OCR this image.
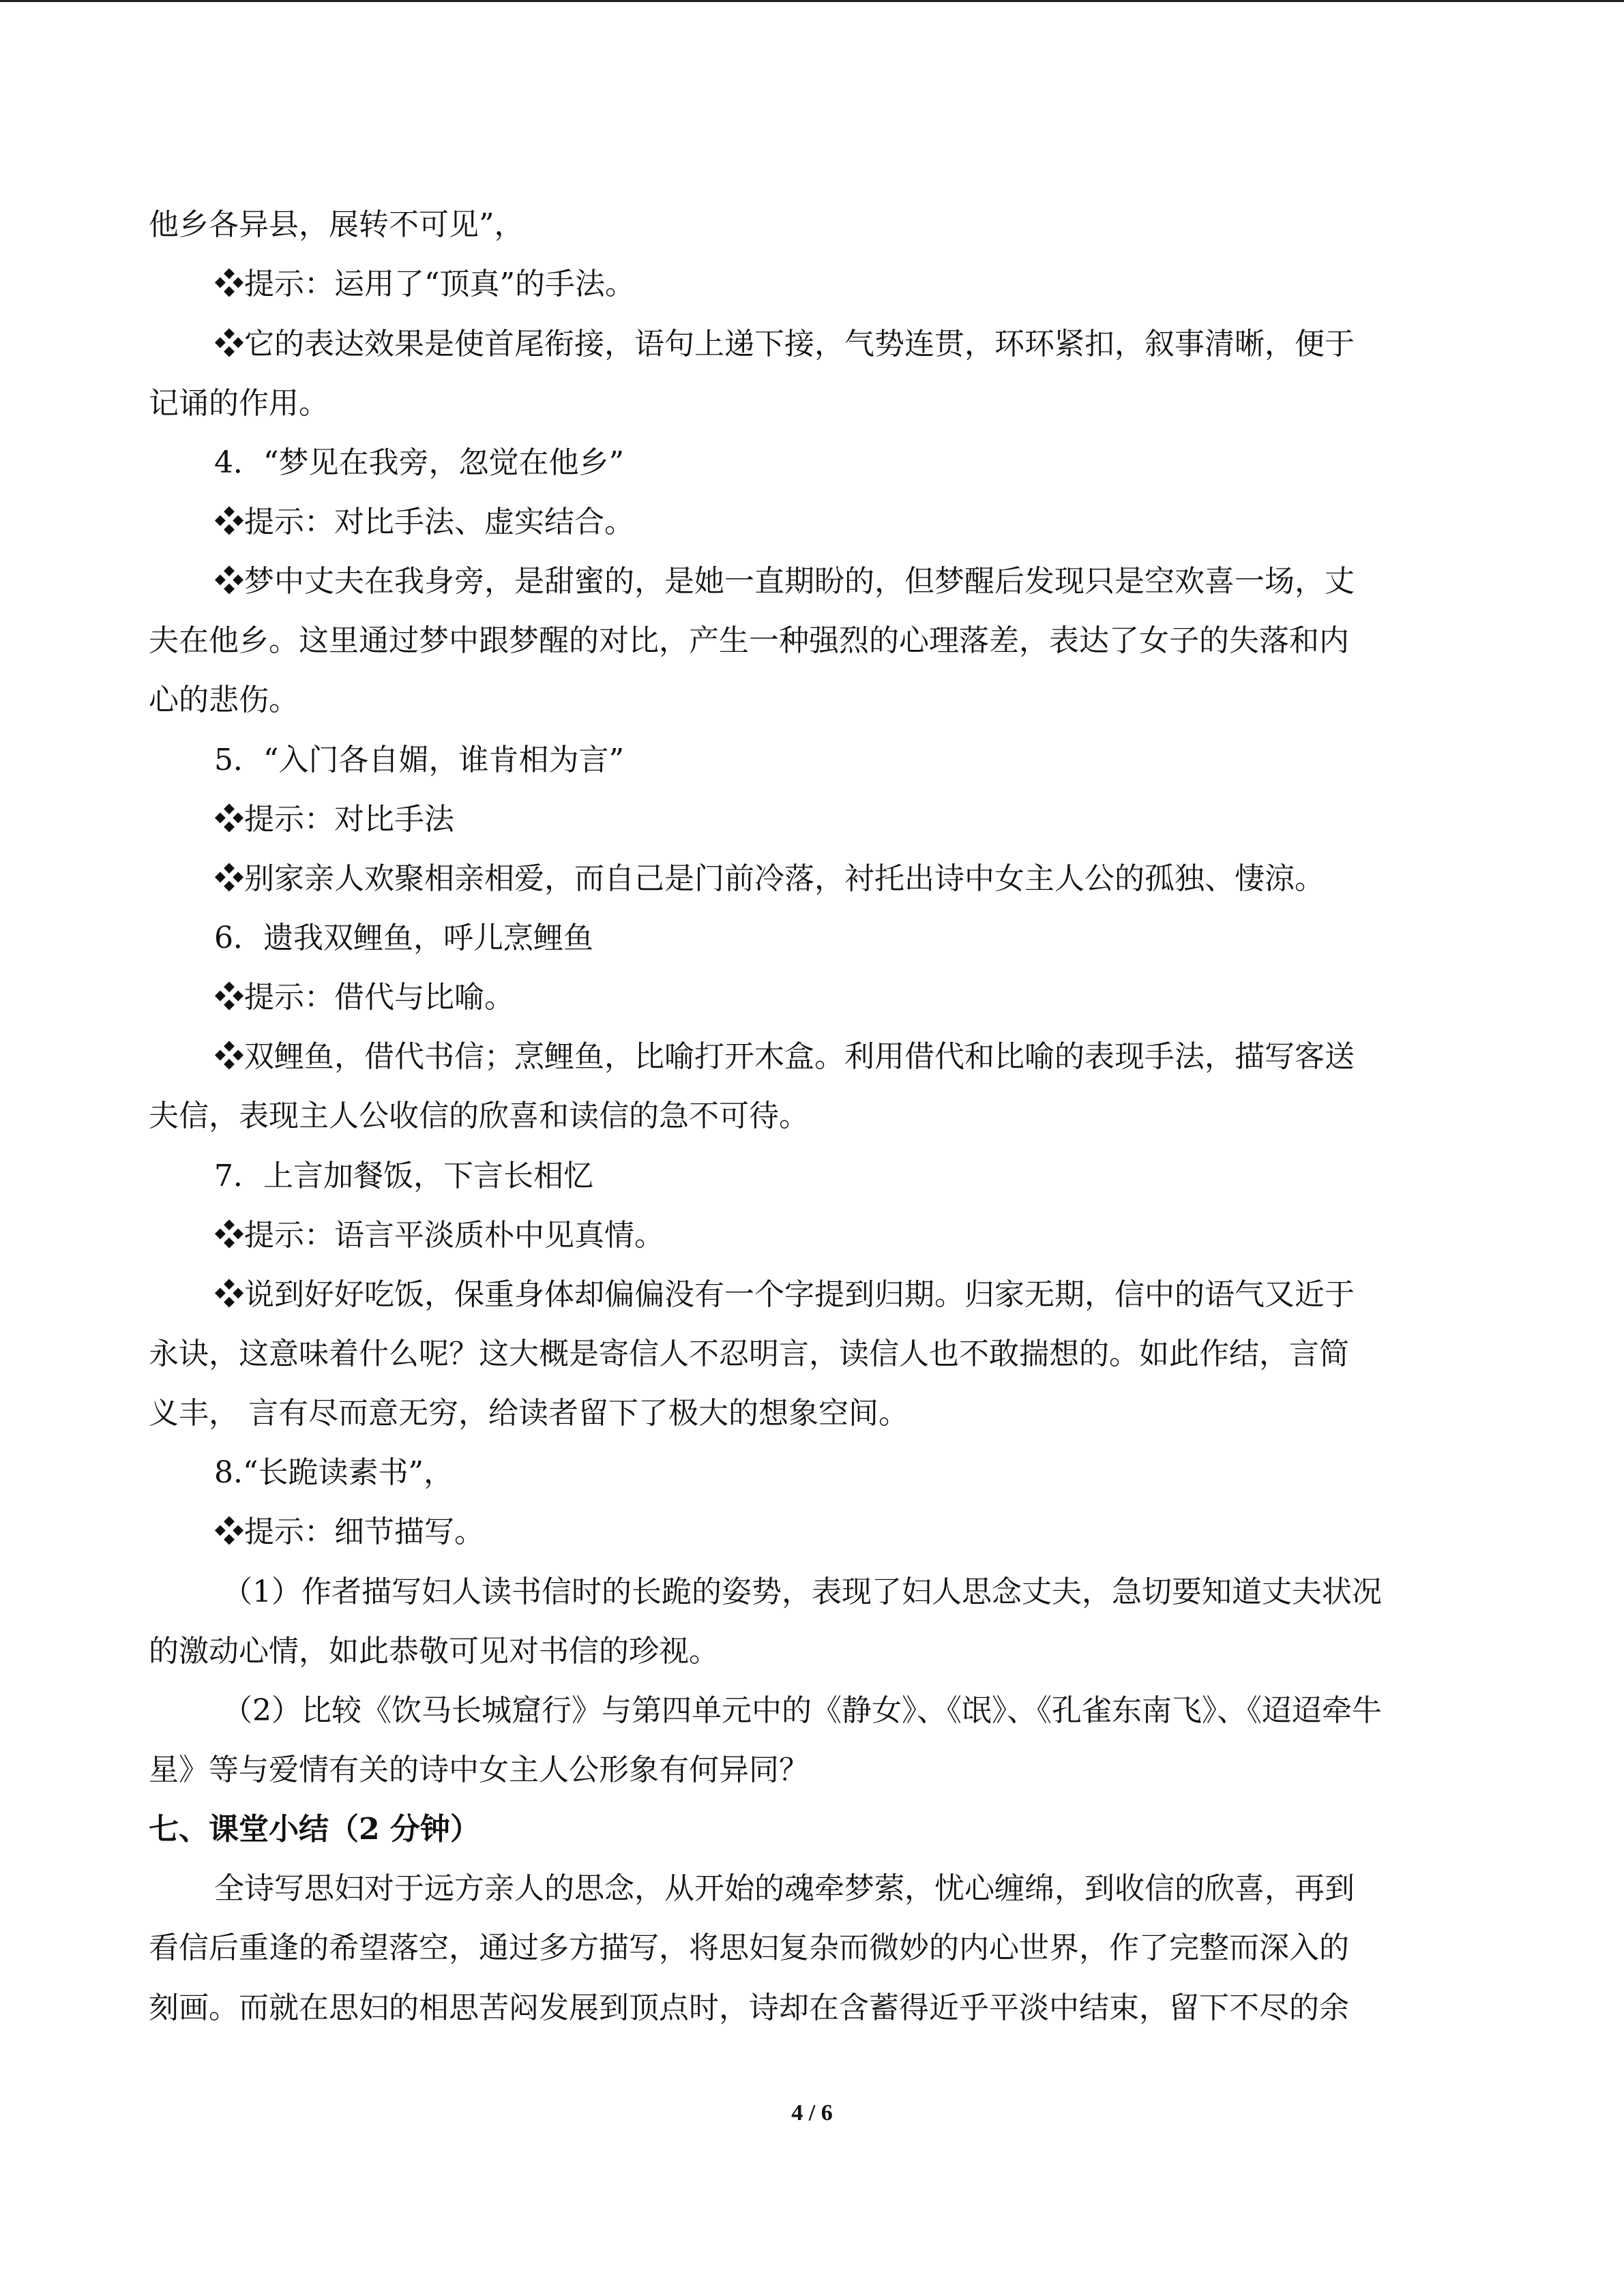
他乡各异县，展转不可见”，
❖提示：运用了“顶真”的手法。
❖它的表达效果是使首尾衔接，语句上递下接，气势连贯，环环紧扣，叙事清晰，便于
记诵的作用。
4．“梦见在我旁，忽觉在他乡”
❖提示：对比手法、虚实结合。
❖梦中丈夫在我身旁，是甜蜜的，是她一直期盼的，但梦醒后发现只是空欢喜一场，丈
夫在他乡。这里通过梦中跟梦醒的对比，产生一种强烈的心理落差，表达了女子的失落和内
心的悲伤。
5．“入门各自媚，谁肯相为言”
❖提示：对比手法
❖别家亲人欢聚相亲相爱，而自己是门前冷落，衬托出诗中女主人公的孤独、悽涼。
6．遗我双鲤鱼，呼儿烹鲤鱼
❖提示：借代与比喻。
❖双鲤鱼，借代书信；烹鲤鱼，比喻打开木盒。利用借代和比喻的表现手法，描写客送
夫信，表现主人公收信的欣喜和读信的急不可待。
7．上言加餐饭，下言长相忆
❖提示：语言平淡质朴中见真情。
❖说到好好吃饭，保重身体却偏偏没有一个字提到归期。归家无期，信中的语气又近于
永诀，这意味着什么呢？这大概是寄信人不忍明言，读信人也不敢揣想的。如此作结，言简
义丰， 言有尽而意无穷，给读者留下了极大的想象空间。
8.“长跪读素书”，
❖提示：细节描写。
（1）作者描写妇人读书信时的长跪的姿势，表现了妇人思念丈夫，急切要知道丈夫状况
的激动心情，如此恭敬可见对书信的珍视。
（2）比较《饮马长城窟行》与第四单元中的《静女》、《氓》、《孔雀东南飞》、《迢迢牵牛
星》等与爱情有关的诗中女主人公形象有何异同？
七、课堂小结（2 分钟）
全诗写思妇对于远方亲人的思念，从开始的魂牵梦萦，忧心缠绵，到收信的欣喜，再到
看信后重逢的希望落空，通过多方描写，将思妇复杂而微妙的内心世界，作了完整而深入的
刻画。而就在思妇的相思苦闷发展到顶点时，诗却在含蓄得近乎平淡中结束，留下不尽的余
4 / 6
